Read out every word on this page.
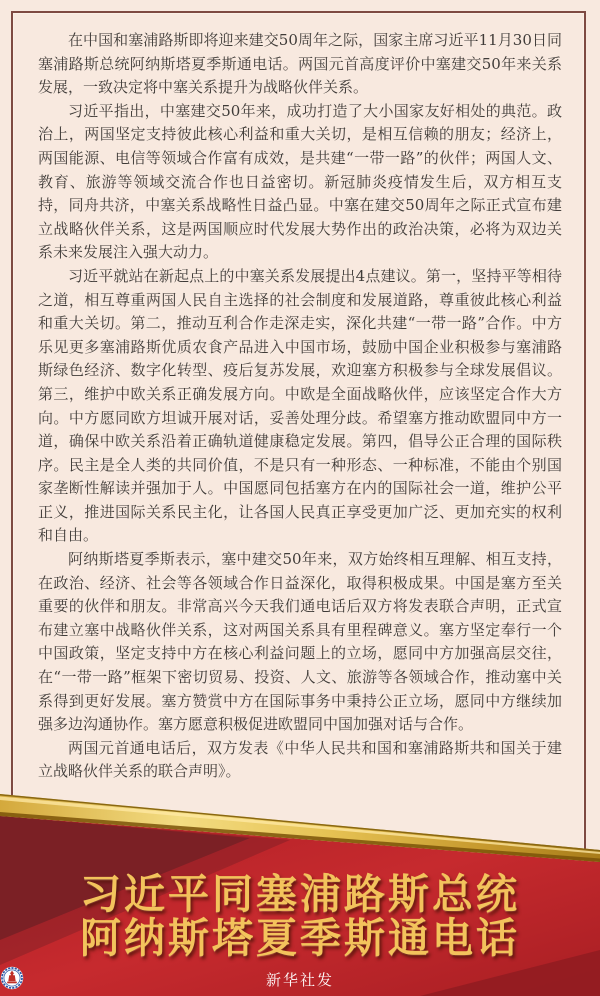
在中国和塞浦路斯即将迎来建交50周年之际，国家主席习近平11月30日同塞浦路斯总统阿纳斯塔夏季斯通电话。两国元首高度评价中塞建交50年来关系发展，一致决定将中塞关系提升为战略伙伴关系。

习近平指出，中塞建交50年来，成功打造了大小国家友好相处的典范。政治上，两国坚定支持彼此核心利益和重大关切，是相互信赖的朋友；经济上，两国能源、电信等领域合作富有成效，是共建“一带一路”的伙伴；两国人文、教育、旅游等领域交流合作也日益密切。新冠肺炎疫情发生后，双方相互支持，同舟共济，中塞关系战略性日益凸显。中塞在建交50周年之际正式宣布建立战略伙伴关系，这是两国顺应时代发展大势作出的政治决策，必将为双边关系未来发展注入强大动力。

习近平就站在新起点上的中塞关系发展提出4点建议。第一，坚持平等相待之道，相互尊重两国人民自主选择的社会制度和发展道路，尊重彼此核心利益和重大关切。第二，推动互利合作走深走实，深化共建“一带一路”合作。中方乐见更多塞浦路斯优质农食产品进入中国市场，鼓励中国企业积极参与塞浦路斯绿色经济、数字化转型、疫后复苏发展，欢迎塞方积极参与全球发展倡议。第三，维护中欧关系正确发展方向。中欧是全面战略伙伴，应该坚定合作大方向。中方愿同欧方坦诚开展对话，妥善处理分歧。希望塞方推动欧盟同中方一道，确保中欧关系沿着正确轨道健康稳定发展。第四，倡导公正合理的国际秩序。民主是全人类的共同价值，不是只有一种形态、一种标准，不能由个别国家垄断性解读并强加于人。中国愿同包括塞方在内的国际社会一道，维护公平正义，推进国际关系民主化，让各国人民真正享受更加广泛、更加充实的权利和自由。

阿纳斯塔夏季斯表示，塞中建交50年来，双方始终相互理解、相互支持，在政治、经济、社会等各领域合作日益深化，取得积极成果。中国是塞方至关重要的伙伴和朋友。非常高兴今天我们通电话后双方将发表联合声明，正式宣布建立塞中战略伙伴关系，这对两国关系具有里程碑意义。塞方坚定奉行一个中国政策，坚定支持中方在核心利益问题上的立场，愿同中方加强高层交往，在“一带一路”框架下密切贸易、投资、人文、旅游等各领域合作，推动塞中关系得到更好发展。塞方赞赏中方在国际事务中秉持公正立场，愿同中方继续加强多边沟通协作。塞方愿意积极促进欧盟同中国加强对话与合作。

两国元首通电话后，双方发表《中华人民共和国和塞浦路斯共和国关于建立战略伙伴关系的联合声明》。

习近平同塞浦路斯总统
阿纳斯塔夏季斯通电话
新华社发
